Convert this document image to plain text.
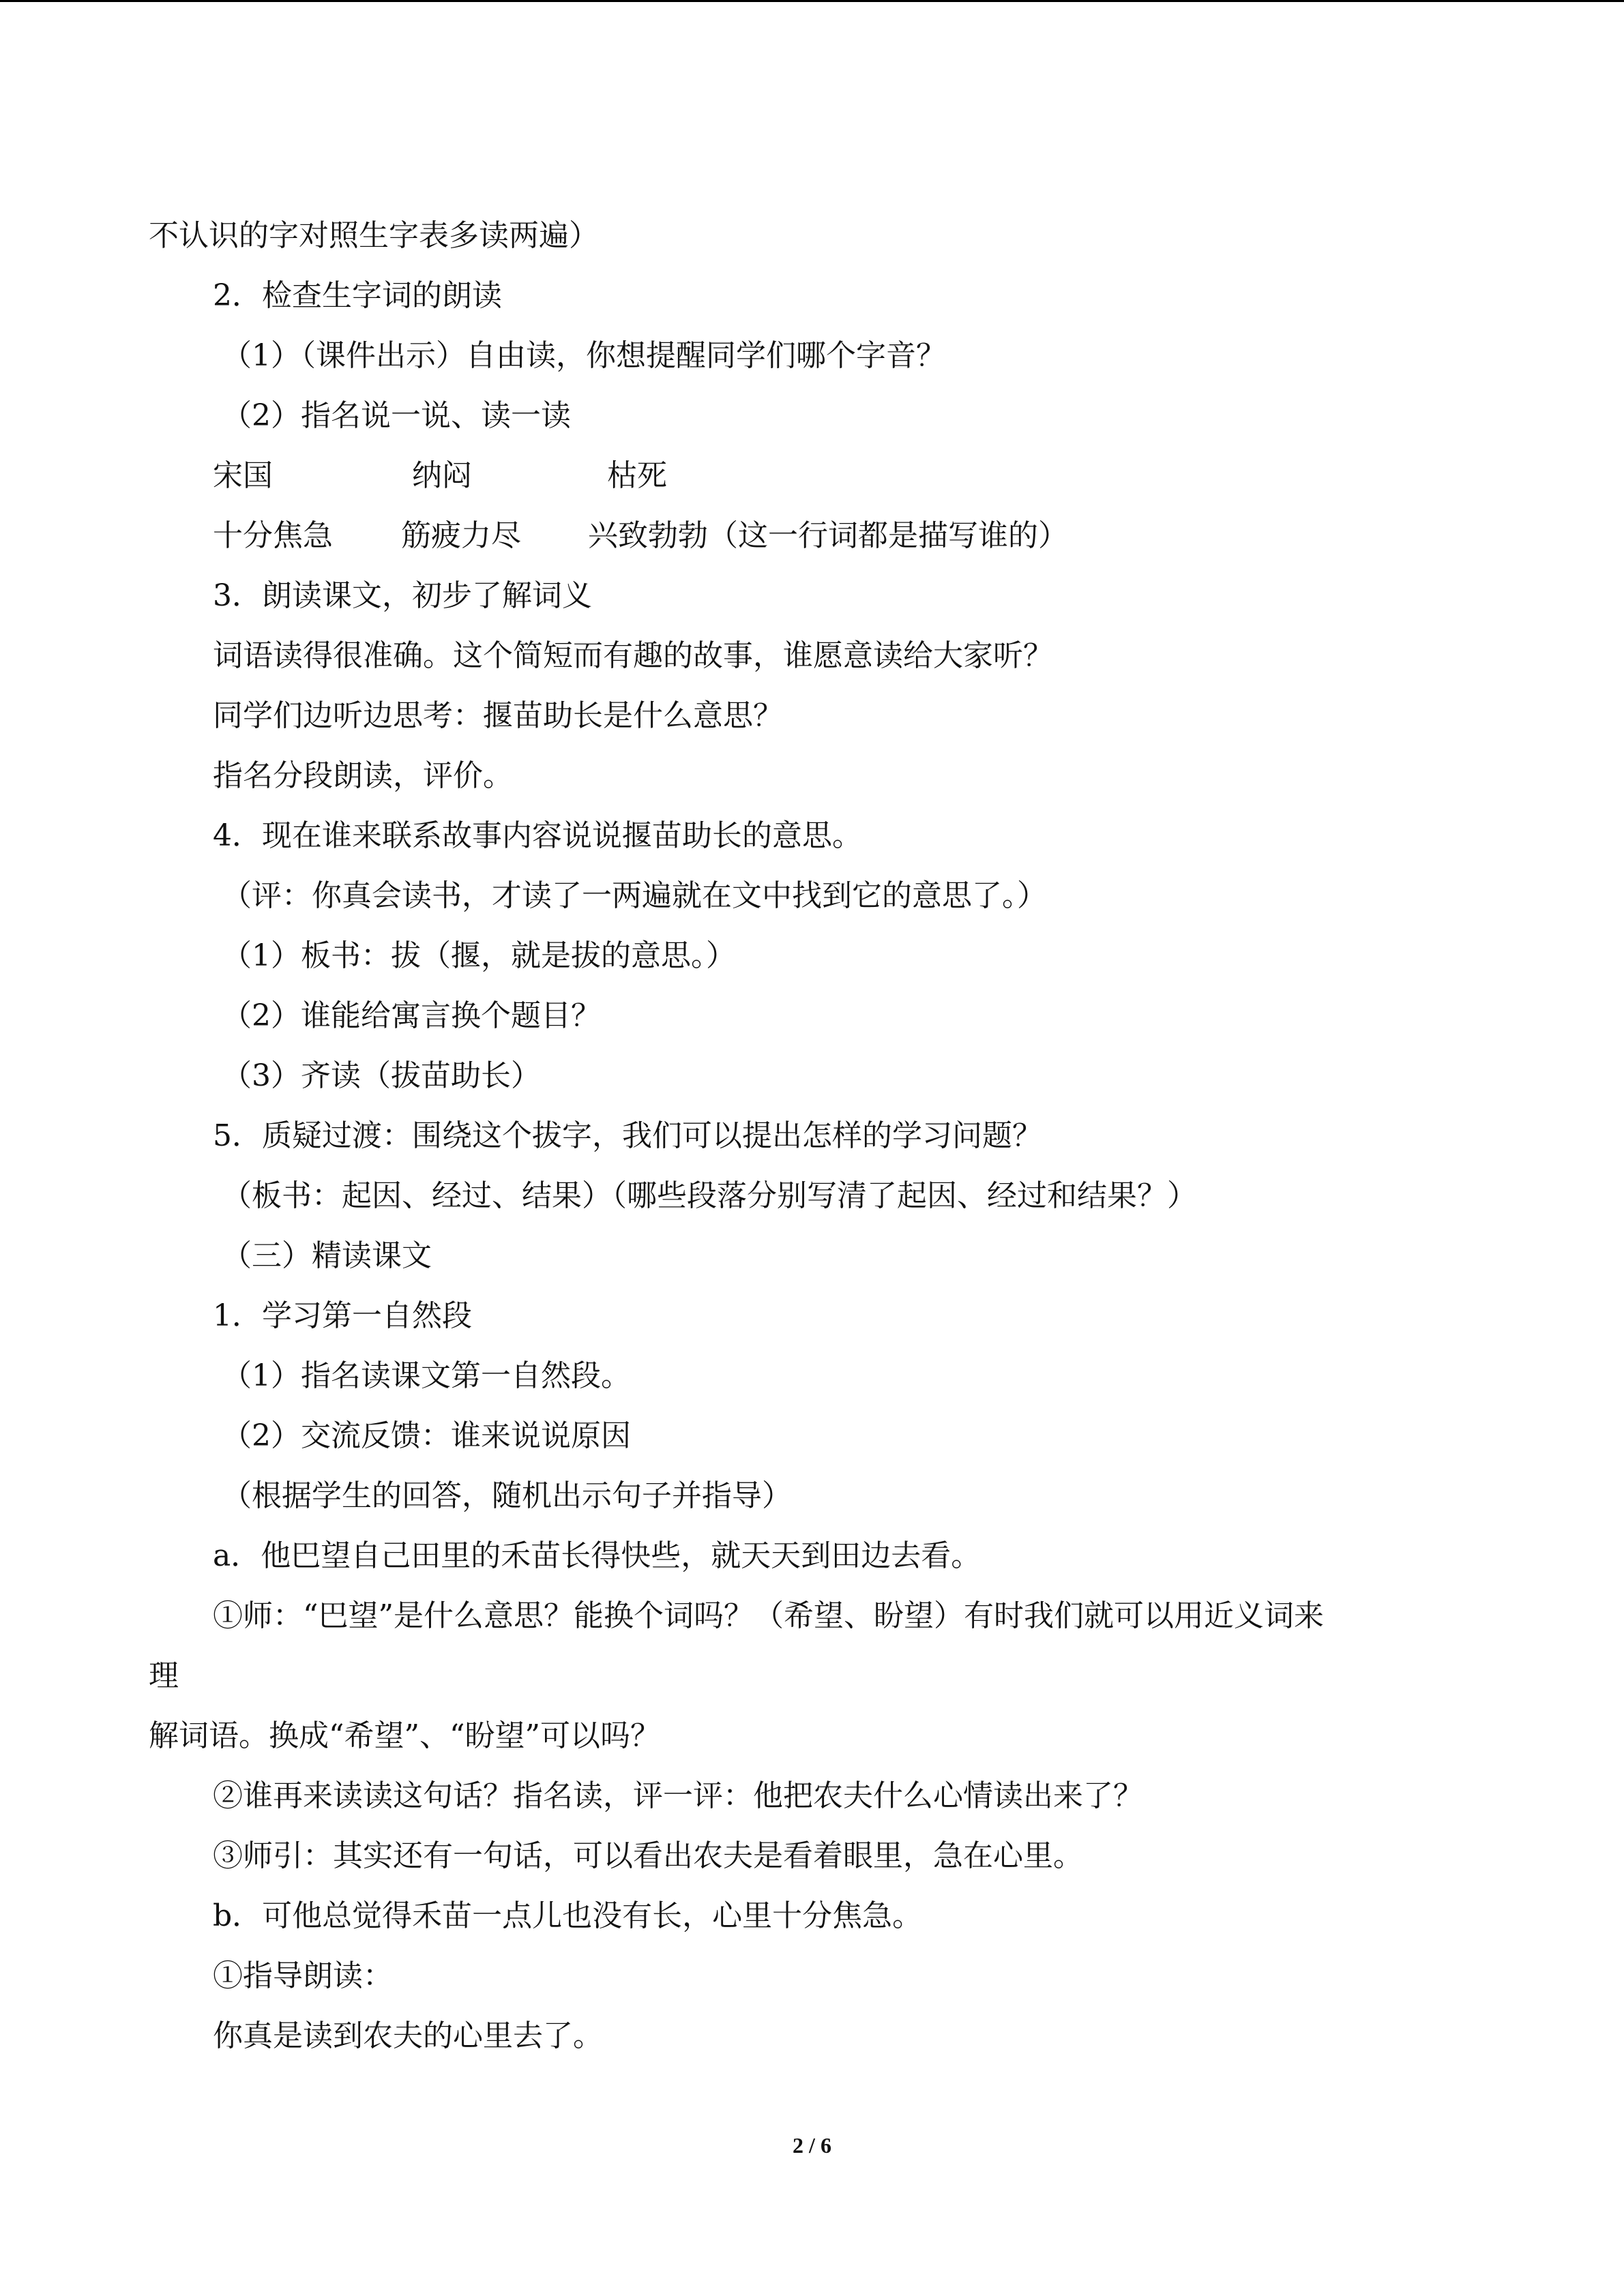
不认识的字对照生字表多读两遍）
2．检查生字词的朗读
（1）（课件出示）自由读，你想提醒同学们哪个字音？
（2）指名说一说、读一读
宋国	纳闷	枯死
十分焦急 筋疲力尽 兴致勃勃（这一行词都是描写谁的）
3．朗读课文，初步了解词义
词语读得很准确。这个简短而有趣的故事，谁愿意读给大家听？
同学们边听边思考：揠苗助长是什么意思？
指名分段朗读，评价。
4．现在谁来联系故事内容说说揠苗助长的意思。
（评：你真会读书，才读了一两遍就在文中找到它的意思了。）
（1）板书：拔（揠，就是拔的意思。）
（2）谁能给寓言换个题目？
（3）齐读（拔苗助长）
5．质疑过渡：围绕这个拔字，我们可以提出怎样的学习问题？
（板书：起因、经过、结果）（哪些段落分别写清了起因、经过和结果？）
（三）精读课文
1．学习第一自然段
（1）指名读课文第一自然段。
（2）交流反馈：谁来说说原因
（根据学生的回答，随机出示句子并指导）
a．他巴望自己田里的禾苗长得快些，就天天到田边去看。
①师：“巴望”是什么意思？能换个词吗？（希望、盼望）有时我们就可以用近义词来
理
解词语。换成“希望”、“盼望”可以吗？
②谁再来读读这句话？指名读，评一评：他把农夫什么心情读出来了？
③师引：其实还有一句话，可以看出农夫是看着眼里，急在心里。
b．可他总觉得禾苗一点儿也没有长，心里十分焦急。
①指导朗读：
你真是读到农夫的心里去了。
2 / 6
